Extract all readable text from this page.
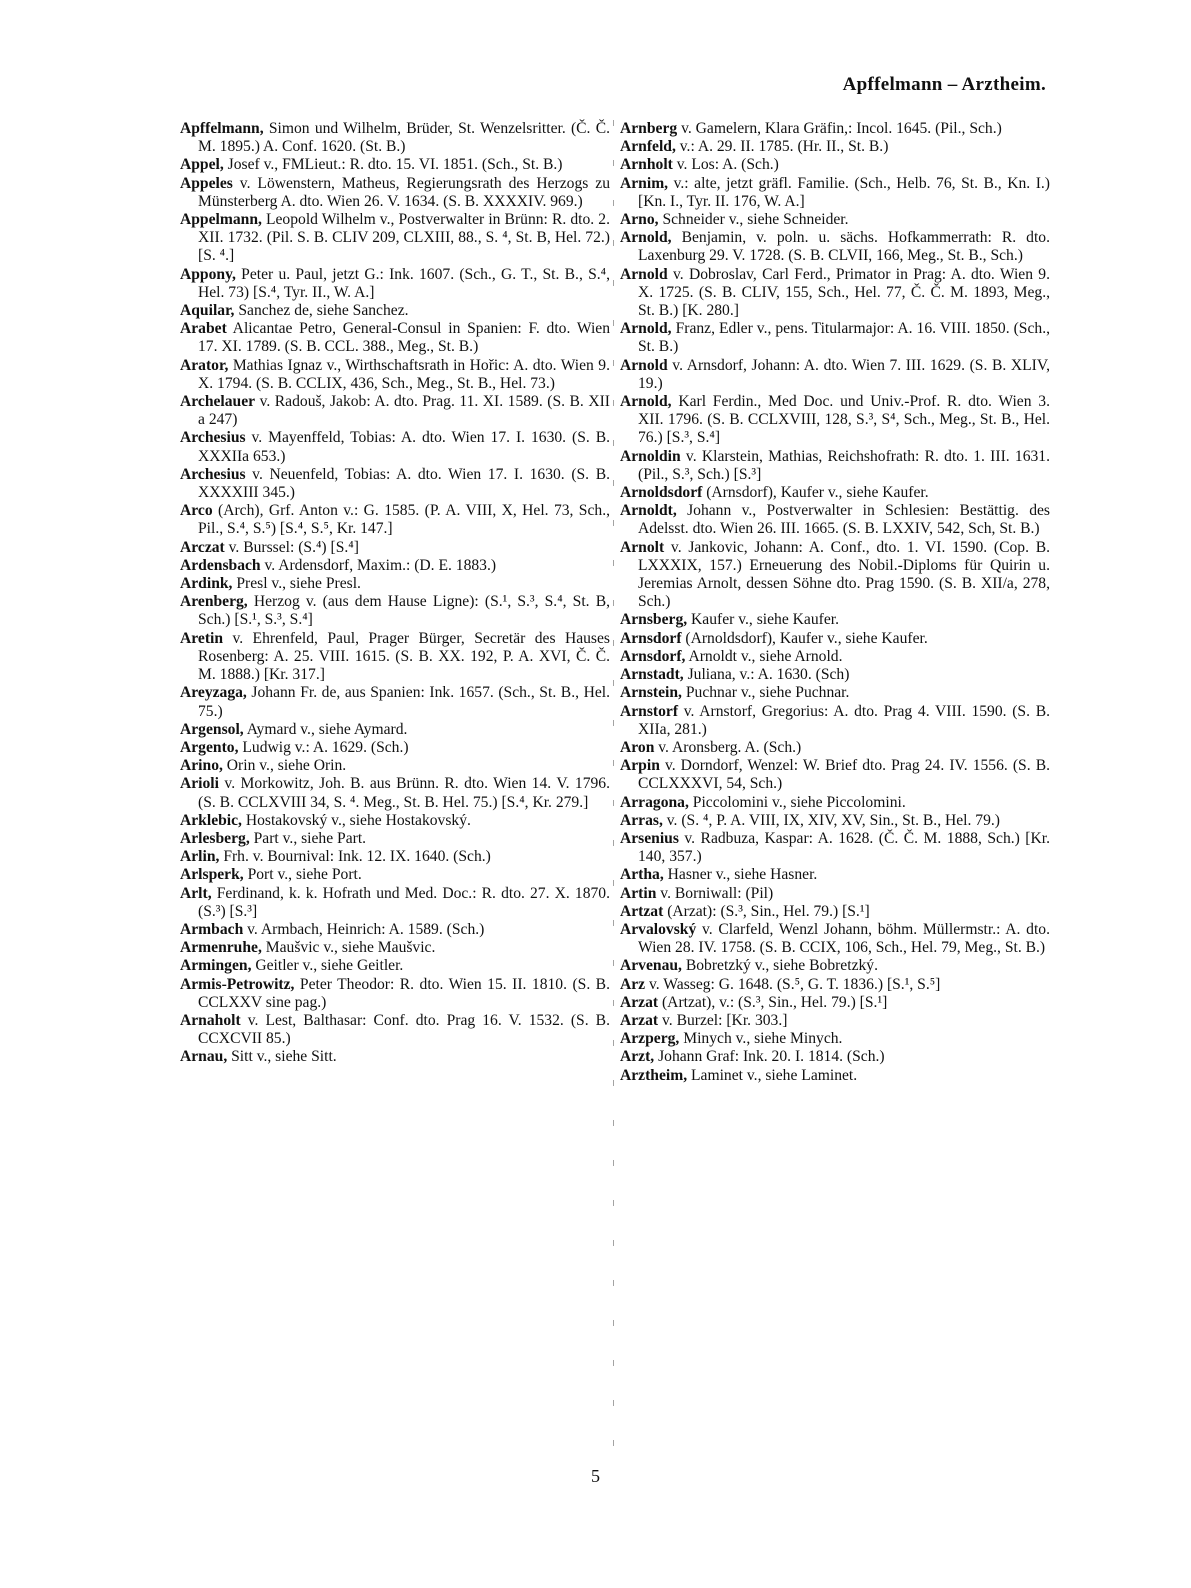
Apffelmann – Arztheim.

Apffelmann, Simon und Wilhelm, Brüder, St. Wenzelsritter. (Č. Č. M. 1895.) A. Conf. 1620. (St. B.)

Appel, Josef v., FMLieut.: R. dto. 15. VI. 1851. (Sch., St. B.)

Appeles v. Löwenstern, Matheus, Regierungsrath des Herzogs zu Münsterberg A. dto. Wien 26. V. 1634. (S. B. XXXXIV. 969.)

Appelmann, Leopold Wilhelm v., Postverwalter in Brünn: R. dto. 2. XII. 1732. (Pil. S. B. CLIV 209, CLXIII, 88., S. ⁴, St. B, Hel. 72.) [S. ⁴.]

Appony, Peter u. Paul, jetzt G.: Ink. 1607. (Sch., G. T., St. B., S.⁴, Hel. 73) [S.⁴, Tyr. II., W. A.]

Aquilar, Sanchez de, siehe Sanchez.

Arabet Alicantae Petro, General-Consul in Spanien: F. dto. Wien 17. XI. 1789. (S. B. CCL. 388., Meg., St. B.)

Arator, Mathias Ignaz v., Wirthschaftsrath in Hořic: A. dto. Wien 9. X. 1794. (S. B. CCLIX, 436, Sch., Meg., St. B., Hel. 73.)

Archelauer v. Radouš, Jakob: A. dto. Prag. 11. XI. 1589. (S. B. XII a 247)

Archesius v. Mayenffeld, Tobias: A. dto. Wien 17. I. 1630. (S. B. XXXIIa 653.)

Archesius v. Neuenfeld, Tobias: A. dto. Wien 17. I. 1630. (S. B. XXXXIII 345.)

Arco (Arch), Grf. Anton v.: G. 1585. (P. A. VIII, X, Hel. 73, Sch., Pil., S.⁴, S.⁵) [S.⁴, S.⁵, Kr. 147.]

Arczat v. Burssel: (S.⁴) [S.⁴]

Ardensbach v. Ardensdorf, Maxim.: (D. E. 1883.)

Ardink, Presl v., siehe Presl.

Arenberg, Herzog v. (aus dem Hause Ligne): (S.¹, S.³, S.⁴, St. B, Sch.) [S.¹, S.³, S.⁴]

Aretin v. Ehrenfeld, Paul, Prager Bürger, Secretär des Hauses Rosenberg: A. 25. VIII. 1615. (S. B. XX. 192, P. A. XVI, Č. Č. M. 1888.) [Kr. 317.]

Areyzaga, Johann Fr. de, aus Spanien: Ink. 1657. (Sch., St. B., Hel. 75.)

Argensol, Aymard v., siehe Aymard.

Argento, Ludwig v.: A. 1629. (Sch.)

Arino, Orin v., siehe Orin.

Arioli v. Morkowitz, Joh. B. aus Brünn. R. dto. Wien 14. V. 1796. (S. B. CCLXVIII 34, S. ⁴. Meg., St. B. Hel. 75.) [S.⁴, Kr. 279.]

Arklebic, Hostakovský v., siehe Hostakovský.

Arlesberg, Part v., siehe Part.

Arlin, Frh. v. Bournival: Ink. 12. IX. 1640. (Sch.)

Arlsperk, Port v., siehe Port.

Arlt, Ferdinand, k. k. Hofrath und Med. Doc.: R. dto. 27. X. 1870. (S.³) [S.³]

Armbach v. Armbach, Heinrich: A. 1589. (Sch.)

Armenruhe, Maušvic v., siehe Maušvic.

Armingen, Geitler v., siehe Geitler.

Armis-Petrowitz, Peter Theodor: R. dto. Wien 15. II. 1810. (S. B. CCLXXV sine pag.)

Arnaholt v. Lest, Balthasar: Conf. dto. Prag 16. V. 1532. (S. B. CCXCVII 85.)

Arnau, Sitt v., siehe Sitt.

Arnberg v. Gamelern, Klara Gräfin,: Incol. 1645. (Pil., Sch.)

Arnfeld, v.: A. 29. II. 1785. (Hr. II., St. B.)

Arnholt v. Los: A. (Sch.)

Arnim, v.: alte, jetzt gräfl. Familie. (Sch., Helb. 76, St. B., Kn. I.) [Kn. I., Tyr. II. 176, W. A.]

Arno, Schneider v., siehe Schneider.

Arnold, Benjamin, v. poln. u. sächs. Hofkammerrath: R. dto. Laxenburg 29. V. 1728. (S. B. CLVII, 166, Meg., St. B., Sch.)

Arnold v. Dobroslav, Carl Ferd., Primator in Prag: A. dto. Wien 9. X. 1725. (S. B. CLIV, 155, Sch., Hel. 77, Č. Č. M. 1893, Meg., St. B.) [K. 280.]

Arnold, Franz, Edler v., pens. Titularmajor: A. 16. VIII. 1850. (Sch., St. B.)

Arnold v. Arnsdorf, Johann: A. dto. Wien 7. III. 1629. (S. B. XLIV, 19.)

Arnold, Karl Ferdin., Med Doc. und Univ.-Prof. R. dto. Wien 3. XII. 1796. (S. B. CCLXVIII, 128, S.³, S⁴, Sch., Meg., St. B., Hel. 76.) [S.³, S.⁴]

Arnoldin v. Klarstein, Mathias, Reichshofrath: R. dto. 1. III. 1631. (Pil., S.³, Sch.) [S.³]

Arnoldsdorf (Arnsdorf), Kaufer v., siehe Kaufer.

Arnoldt, Johann v., Postverwalter in Schlesien: Bestättig. des Adelsst. dto. Wien 26. III. 1665. (S. B. LXXIV, 542, Sch, St. B.)

Arnolt v. Jankovic, Johann: A. Conf., dto. 1. VI. 1590. (Cop. B. LXXXIX, 157.) Erneuerung des Nobil.-Diploms für Quirin u. Jeremias Arnolt, dessen Söhne dto. Prag 1590. (S. B. XII/a, 278, Sch.)

Arnsberg, Kaufer v., siehe Kaufer.

Arnsdorf (Arnoldsdorf), Kaufer v., siehe Kaufer.

Arnsdorf, Arnoldt v., siehe Arnold.

Arnstadt, Juliana, v.: A. 1630. (Sch)

Arnstein, Puchnar v., siehe Puchnar.

Arnstorf v. Arnstorf, Gregorius: A. dto. Prag 4. VIII. 1590. (S. B. XIIa, 281.)

Aron v. Aronsberg. A. (Sch.)

Arpin v. Dorndorf, Wenzel: W. Brief dto. Prag 24. IV. 1556. (S. B. CCLXXXVI, 54, Sch.)

Arragona, Piccolomini v., siehe Piccolomini.

Arras, v. (S. ⁴, P. A. VIII, IX, XIV, XV, Sin., St. B., Hel. 79.)

Arsenius v. Radbuza, Kaspar: A. 1628. (Č. Č. M. 1888, Sch.) [Kr. 140, 357.)

Artha, Hasner v., siehe Hasner.

Artin v. Borniwall: (Pil)

Artzat (Arzat): (S.³, Sin., Hel. 79.) [S.¹]

Arvalovský v. Clarfeld, Wenzl Johann, böhm. Müllermstr.: A. dto. Wien 28. IV. 1758. (S. B. CCIX, 106, Sch., Hel. 79, Meg., St. B.)

Arvenau, Bobretzký v., siehe Bobretzký.

Arz v. Wasseg: G. 1648. (S.⁵, G. T. 1836.) [S.¹, S.⁵]

Arzat (Artzat), v.: (S.³, Sin., Hel. 79.) [S.¹]

Arzat v. Burzel: [Kr. 303.]

Arzperg, Minych v., siehe Minych.

Arzt, Johann Graf: Ink. 20. I. 1814. (Sch.)

Arztheim, Laminet v., siehe Laminet.

5
